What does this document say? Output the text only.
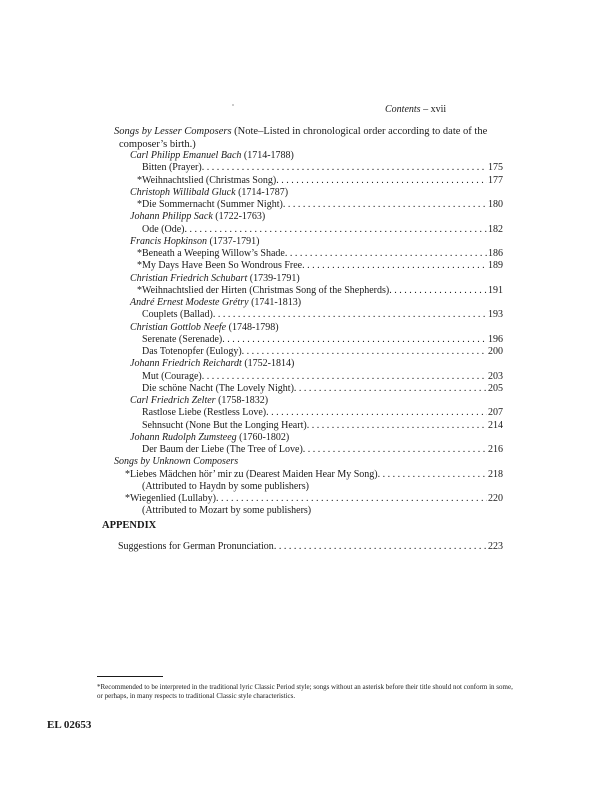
Contents – xvii
Songs by Lesser Composers (Note–Listed in chronological order according to date of the
composer’s birth.)
Carl Philipp Emanuel Bach (1714-1788)
Bitten (Prayer) . . .	175
*Weihnachtslied (Christmas Song) . . .	177
Christoph Willibald Gluck (1714-1787)
*Die Sommernacht (Summer Night) . . .	180
Johann Philipp Sack (1722-1763)
Ode (Ode) . . .	182
Francis Hopkinson (1737-1791)
*Beneath a Weeping Willow’s Shade . . .	186
*My Days Have Been So Wondrous Free . . .	189
Christian Friedrich Schubart (1739-1791)
*Weihnachtslied der Hirten (Christmas Song of the Shepherds) . . .	191
André Ernest Modeste Grétry (1741-1813)
Couplets (Ballad) . . .	193
Christian Gottlob Neefe (1748-1798)
Serenate (Serenade) . . .	196
Das Totenopfer (Eulogy) . . .	200
Johann Friedrich Reichardt (1752-1814)
Mut (Courage) . . .	203
Die schöne Nacht (The Lovely Night) . . .	205
Carl Friedrich Zelter (1758-1832)
Rastlose Liebe (Restless Love) . . .	207
Sehnsucht (None But the Longing Heart) . . .	214
Johann Rudolph Zumsteeg (1760-1802)
Der Baum der Liebe (The Tree of Love) . . .	216
Songs by Unknown Composers
*Liebes Mädchen hör’ mir zu (Dearest Maiden Hear My Song) . . .	218
(Attributed to Haydn by some publishers)
*Wiegenlied (Lullaby) . . .	220
(Attributed to Mozart by some publishers)
Suggestions for German Pronunciation . . .	223
APPENDIX
*Recommended to be interpreted in the traditional lyric Classic Period style; songs without an asterisk before their title should not conform in some, or perhaps, in many respects to traditional Classic style characteristics.
EL 02653
